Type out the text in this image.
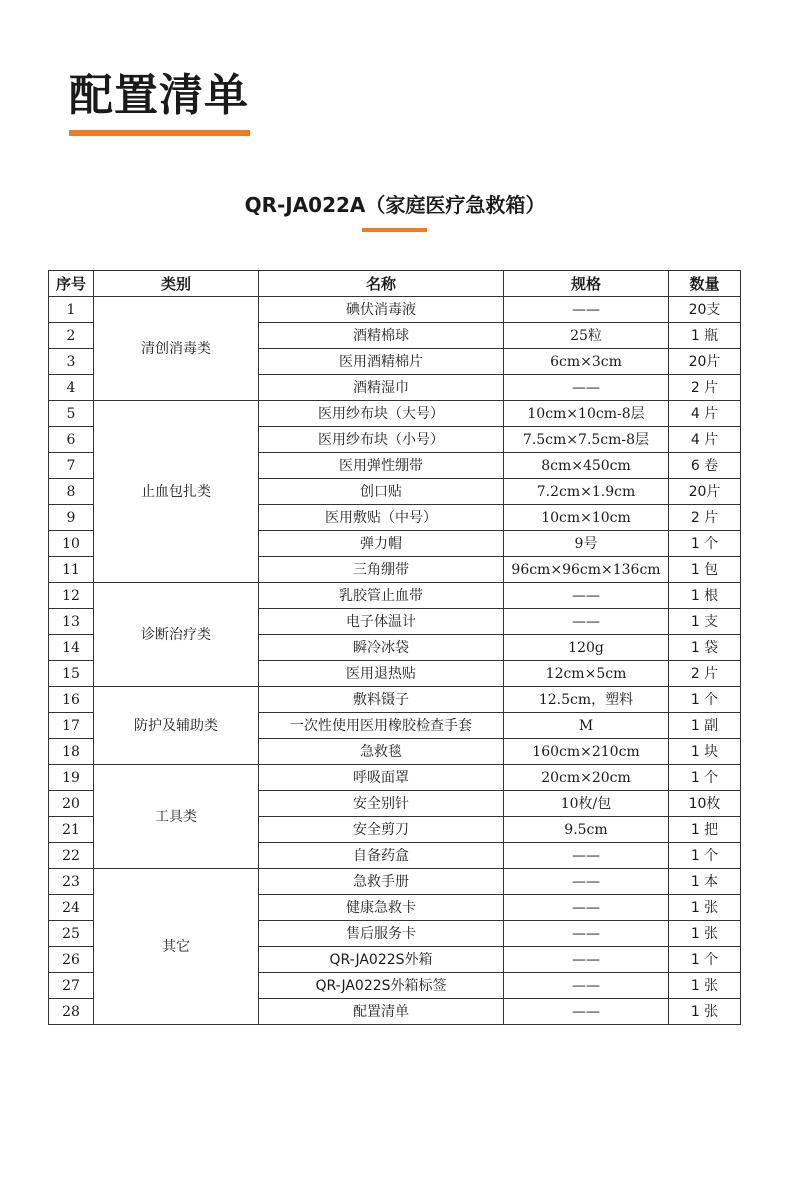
配置清单
QR-JA022A（家庭医疗急救箱）
序号	类别	名称	规格	数量
1	清创消毒类	碘伏消毒液	——	20支
2		酒精棉球	25粒	1 瓶
3		医用酒精棉片	6cm×3cm	20片
4		酒精湿巾	——	2 片
5	止血包扎类	医用纱布块（大号）	10cm×10cm-8层	4 片
6		医用纱布块（小号）	7.5cm×7.5cm-8层	4 片
7		医用弹性绷带	8cm×450cm	6 卷
8		创口贴	7.2cm×1.9cm	20片
9		医用敷贴（中号）	10cm×10cm	2 片
10		弹力帽	9号	1 个
11		三角绷带	96cm×96cm×136cm	1 包
12	诊断治疗类	乳胶管止血带	——	1 根
13		电子体温计	——	1 支
14		瞬冷冰袋	120g	1 袋
15		医用退热贴	12cm×5cm	2 片
16	防护及辅助类	敷料镊子	12.5cm，塑料	1 个
17		一次性使用医用橡胶检查手套	M	1 副
18		急救毯	160cm×210cm	1 块
19	工具类	呼吸面罩	20cm×20cm	1 个
20		安全别针	10枚/包	10枚
21		安全剪刀	9.5cm	1 把
22		自备药盒	——	1 个
23	其它	急救手册	——	1 本
24		健康急救卡	——	1 张
25		售后服务卡	——	1 张
26		QR-JA022S外箱	——	1 个
27		QR-JA022S外箱标签	——	1 张
28		配置清单	——	1 张
